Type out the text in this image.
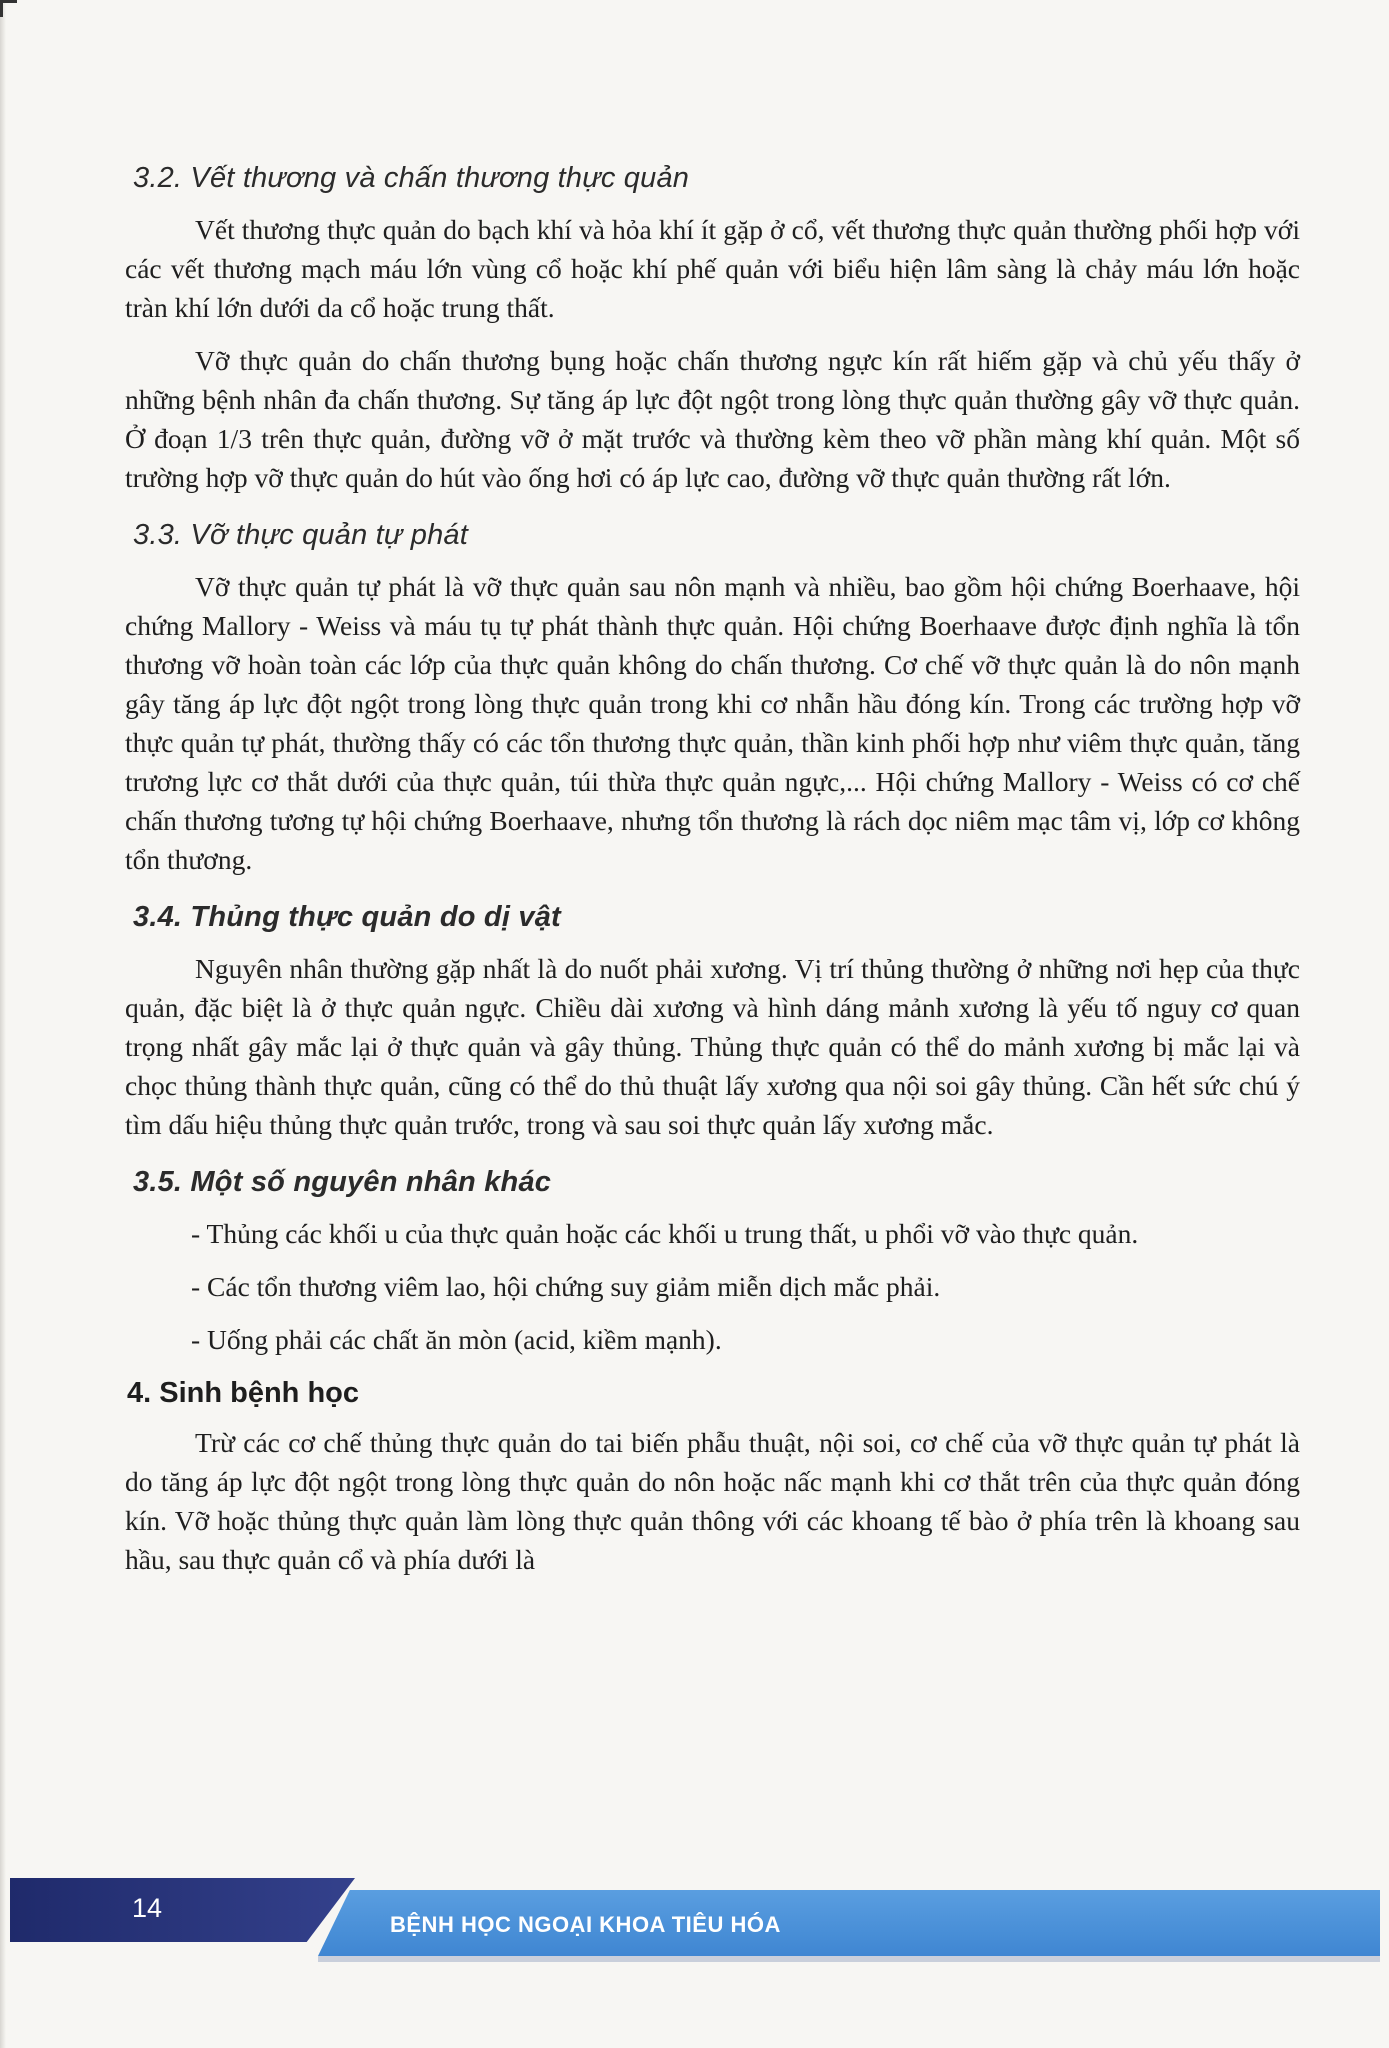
3.2. Vết thương và chấn thương thực quản

Vết thương thực quản do bạch khí và hỏa khí ít gặp ở cổ, vết thương thực quản thường phối hợp với các vết thương mạch máu lớn vùng cổ hoặc khí phế quản với biểu hiện lâm sàng là chảy máu lớn hoặc tràn khí lớn dưới da cổ hoặc trung thất.

Vỡ thực quản do chấn thương bụng hoặc chấn thương ngực kín rất hiếm gặp và chủ yếu thấy ở những bệnh nhân đa chấn thương. Sự tăng áp lực đột ngột trong lòng thực quản thường gây vỡ thực quản. Ở đoạn 1/3 trên thực quản, đường vỡ ở mặt trước và thường kèm theo vỡ phần màng khí quản. Một số trường hợp vỡ thực quản do hút vào ống hơi có áp lực cao, đường vỡ thực quản thường rất lớn.

3.3. Vỡ thực quản tự phát

Vỡ thực quản tự phát là vỡ thực quản sau nôn mạnh và nhiều, bao gồm hội chứng Boerhaave, hội chứng Mallory - Weiss và máu tụ tự phát thành thực quản. Hội chứng Boerhaave được định nghĩa là tổn thương vỡ hoàn toàn các lớp của thực quản không do chấn thương. Cơ chế vỡ thực quản là do nôn mạnh gây tăng áp lực đột ngột trong lòng thực quản trong khi cơ nhẫn hầu đóng kín. Trong các trường hợp vỡ thực quản tự phát, thường thấy có các tổn thương thực quản, thần kinh phối hợp như viêm thực quản, tăng trương lực cơ thắt dưới của thực quản, túi thừa thực quản ngực,... Hội chứng Mallory - Weiss có cơ chế chấn thương tương tự hội chứng Boerhaave, nhưng tổn thương là rách dọc niêm mạc tâm vị, lớp cơ không tổn thương.

3.4. Thủng thực quản do dị vật

Nguyên nhân thường gặp nhất là do nuốt phải xương. Vị trí thủng thường ở những nơi hẹp của thực quản, đặc biệt là ở thực quản ngực. Chiều dài xương và hình dáng mảnh xương là yếu tố nguy cơ quan trọng nhất gây mắc lại ở thực quản và gây thủng. Thủng thực quản có thể do mảnh xương bị mắc lại và chọc thủng thành thực quản, cũng có thể do thủ thuật lấy xương qua nội soi gây thủng. Cần hết sức chú ý tìm dấu hiệu thủng thực quản trước, trong và sau soi thực quản lấy xương mắc.

3.5. Một số nguyên nhân khác
- Thủng các khối u của thực quản hoặc các khối u trung thất, u phổi vỡ vào thực quản.
- Các tổn thương viêm lao, hội chứng suy giảm miễn dịch mắc phải.
- Uống phải các chất ăn mòn (acid, kiềm mạnh).
4. Sinh bệnh học

Trừ các cơ chế thủng thực quản do tai biến phẫu thuật, nội soi, cơ chế của vỡ thực quản tự phát là do tăng áp lực đột ngột trong lòng thực quản do nôn hoặc nấc mạnh khi cơ thắt trên của thực quản đóng kín. Vỡ hoặc thủng thực quản làm lòng thực quản thông với các khoang tế bào ở phía trên là khoang sau hầu, sau thực quản cổ và phía dưới là

14
BỆNH HỌC NGOẠI KHOA TIÊU HÓA
